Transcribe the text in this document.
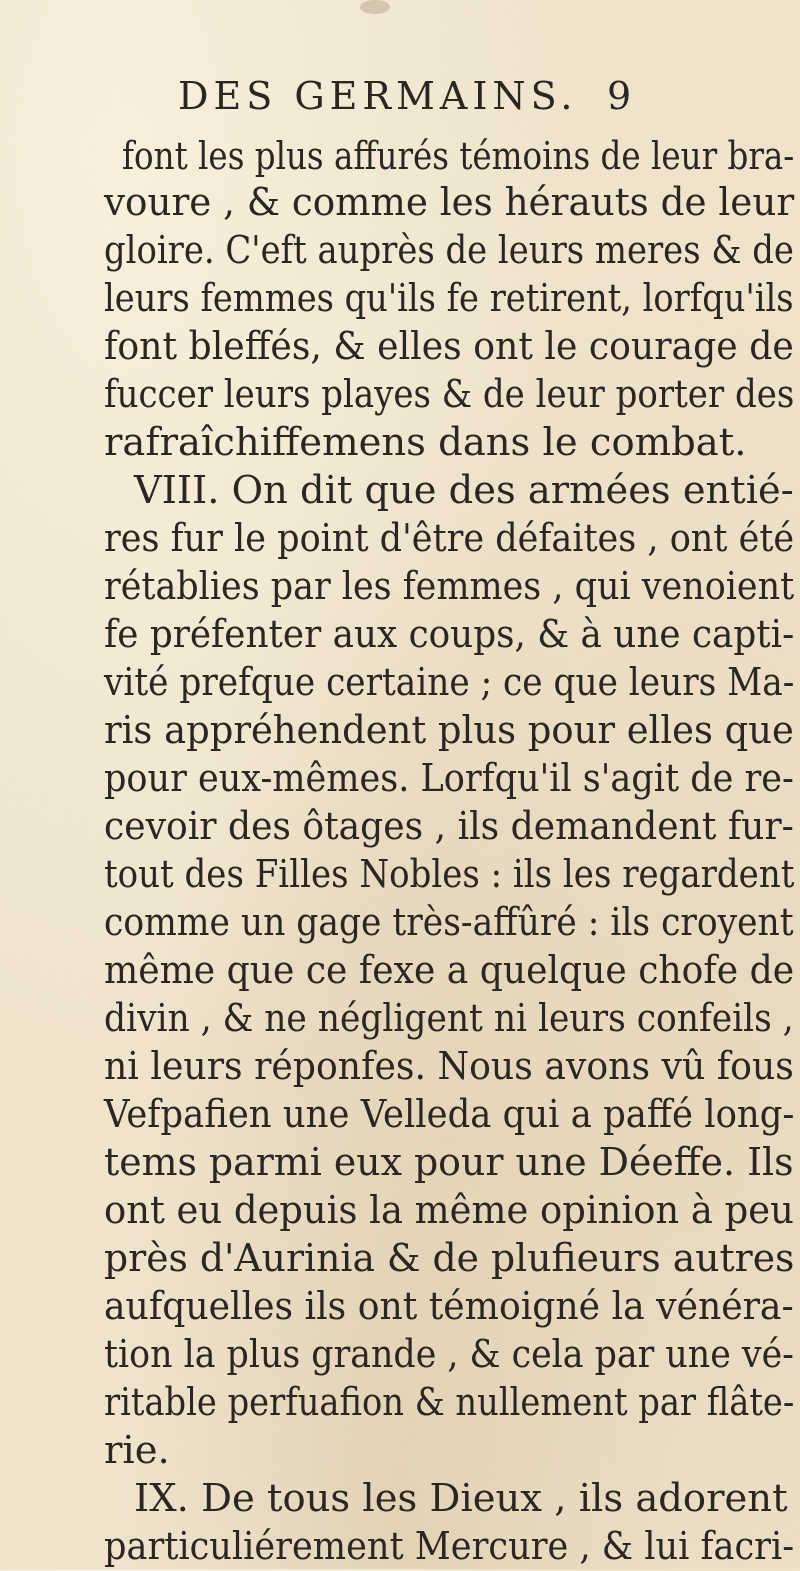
DES GERMAINS. 9
font les plus affurés témoins de leur bra-
voure , & comme les hérauts de leur
gloire. C'eft auprès de leurs meres & de
leurs femmes qu'ils fe retirent, lorfqu'ils
font bleffés, & elles ont le courage de
fuccer leurs playes & de leur porter des
rafraîchiffemens dans le combat.
VIII. On dit que des armées entié-
res fur le point d'être défaites , ont été
rétablies par les femmes , qui venoient
fe préfenter aux coups, & à une capti-
vité prefque certaine ; ce que leurs Ma-
ris appréhendent plus pour elles que
pour eux-mêmes. Lorfqu'il s'agit de re-
cevoir des ôtages , ils demandent fur-
tout des Filles Nobles : ils les regardent
comme un gage très-affûré : ils croyent
même que ce fexe a quelque chofe de
divin , & ne négligent ni leurs confeils ,
ni leurs réponfes. Nous avons vû fous
Vefpafien une Velleda qui a paffé long-
tems parmi eux pour une Déeffe. Ils
ont eu depuis la même opinion à peu
près d'Aurinia & de plufieurs autres
aufquelles ils ont témoigné la vénéra-
tion la plus grande , & cela par une vé-
ritable perfuafion & nullement par flâte-
rie.
IX. De tous les Dieux , ils adorent
particuliérement Mercure , & lui facri-
